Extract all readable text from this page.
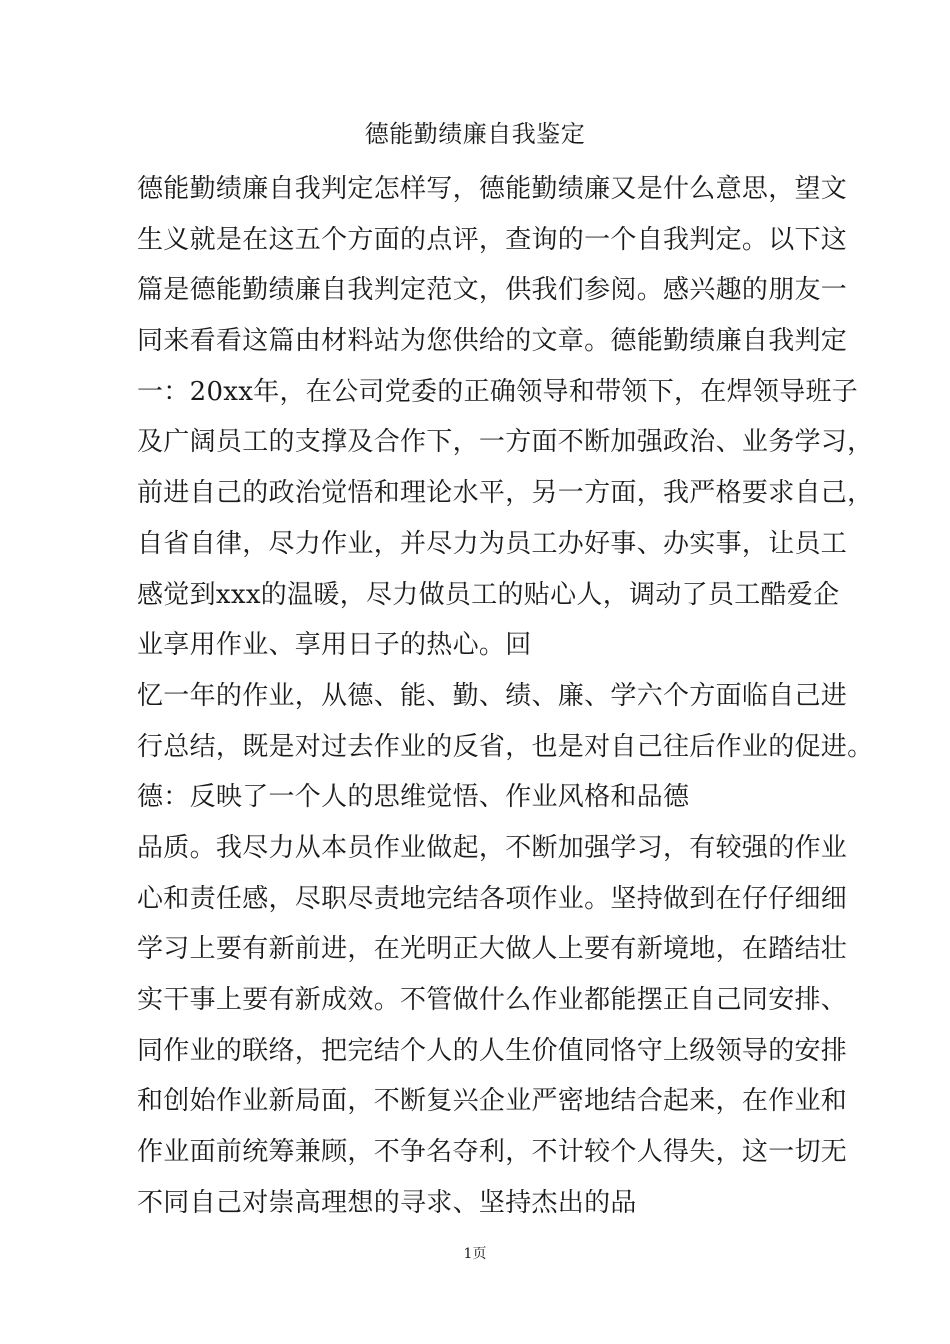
德能勤绩廉自我鉴定
德能勤绩廉自我判定怎样写，德能勤绩廉又是什么意思，望文
生义就是在这五个方面的点评，查询的一个自我判定。以下这
篇是德能勤绩廉自我判定范文，供我们参阅。感兴趣的朋友一
同来看看这篇由材料站为您供给的文章。德能勤绩廉自我判定
一：20xx年，在公司党委的正确领导和带领下，在焊领导班子
及广阔员工的支撑及合作下，一方面不断加强政治、业务学习，
前进自己的政治觉悟和理论水平，另一方面，我严格要求自己，
自省自律，尽力作业，并尽力为员工办好事、办实事，让员工
感觉到xxx的温暖，尽力做员工的贴心人，调动了员工酷爱企
业享用作业、享用日子的热心。回
忆一年的作业，从德、能、勤、绩、廉、学六个方面临自己进
行总结，既是对过去作业的反省，也是对自己往后作业的促进。
德：反映了一个人的思维觉悟、作业风格和品德
品质。我尽力从本员作业做起，不断加强学习，有较强的作业
心和责任感，尽职尽责地完结各项作业。坚持做到在仔仔细细
学习上要有新前进，在光明正大做人上要有新境地，在踏结壮
实干事上要有新成效。不管做什么作业都能摆正自己同安排、
同作业的联络，把完结个人的人生价值同恪守上级领导的安排
和创始作业新局面，不断复兴企业严密地结合起来，在作业和
作业面前统筹兼顾，不争名夺利，不计较个人得失，这一切无
不同自己对崇高理想的寻求、坚持杰出的品
1页
